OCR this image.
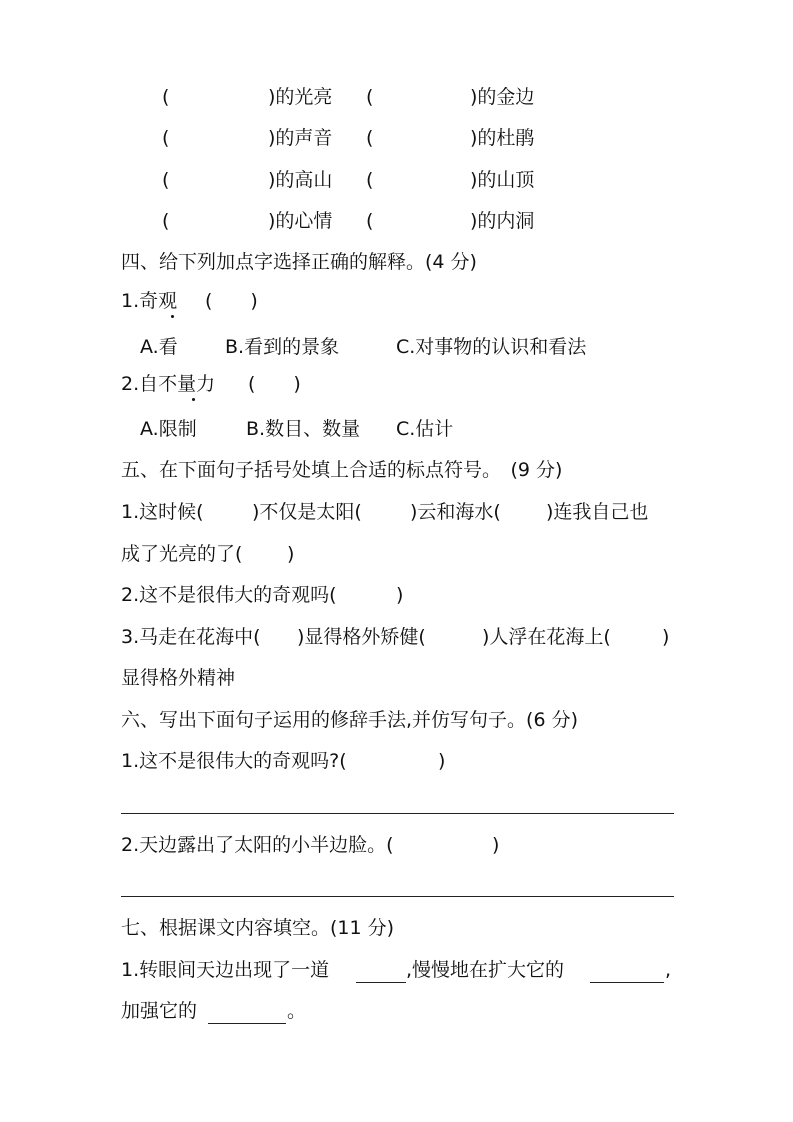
(	)的光亮 (	)的金边
(	)的声音 (	)的杜鹃
(	)的高山 (	)的山顶
(	)的心情 (	)的内洞
四、给下列加点字选择正确的解释。(4 分)
1.奇观 (　　)
A.看 B.看到的景象	C.对事物的认识和看法
2.自不量力 (　　)
A.限制	B.数目、数量 C.估计
五、在下面句子括号处填上合适的标点符号。　(9 分)
1.这时候(	)不仅是太阳(	)云和海水( )连我自己也
成了光亮的了( )
2.这不是很伟大的奇观吗(	)
3.马走在花海中( )显得格外矫健(	)人浮在花海上(	)
显得格外精神
六、写出下面句子运用的修辞手法,并仿写句子。(6 分)
1.这不是很伟大的奇观吗?(	)
2.天边露出了太阳的小半边脸。(	)
七、根据课文内容填空。(11 分)
1.转眼间天边出现了一道	,慢慢地在扩大它的	,
加强它的	。
